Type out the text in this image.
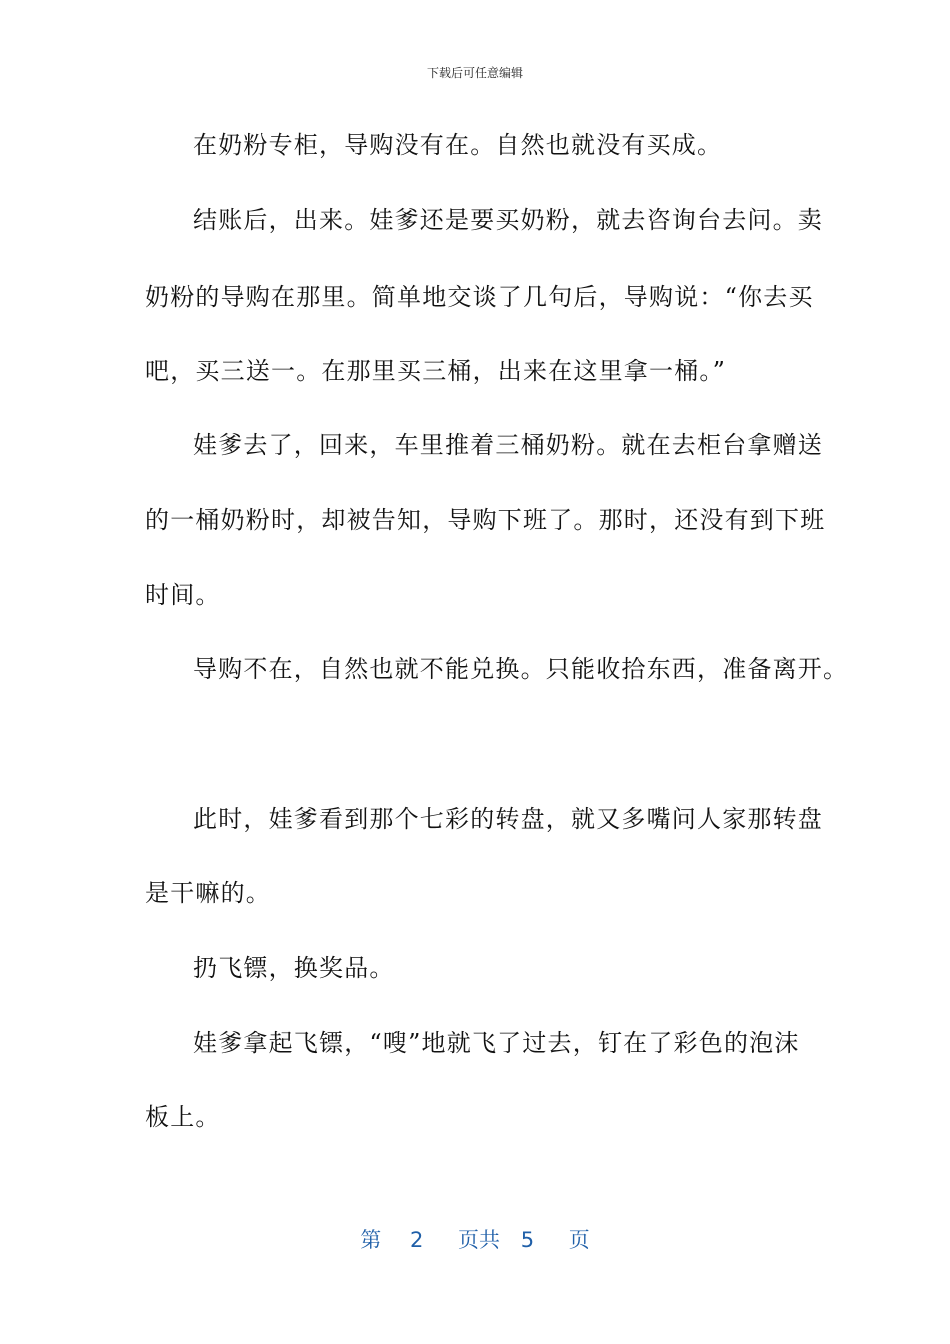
下载后可任意编辑
在奶粉专柜，导购没有在。自然也就没有买成。
结账后，出来。娃爹还是要买奶粉，就去咨询台去问。卖
奶粉的导购在那里。简单地交谈了几句后，导购说：“你去买
吧，买三送一。在那里买三桶，出来在这里拿一桶。”
娃爹去了，回来，车里推着三桶奶粉。就在去柜台拿赠送
的一桶奶粉时，却被告知，导购下班了。那时，还没有到下班
时间。
导购不在，自然也就不能兑换。只能收拾东西，准备离开。
此时，娃爹看到那个七彩的转盘，就又多嘴问人家那转盘
是干嘛的。
扔飞镖，换奖品。
娃爹拿起飞镖，“嗖”地就飞了过去，钉在了彩色的泡沫
板上。
第 2 页共 5 页
